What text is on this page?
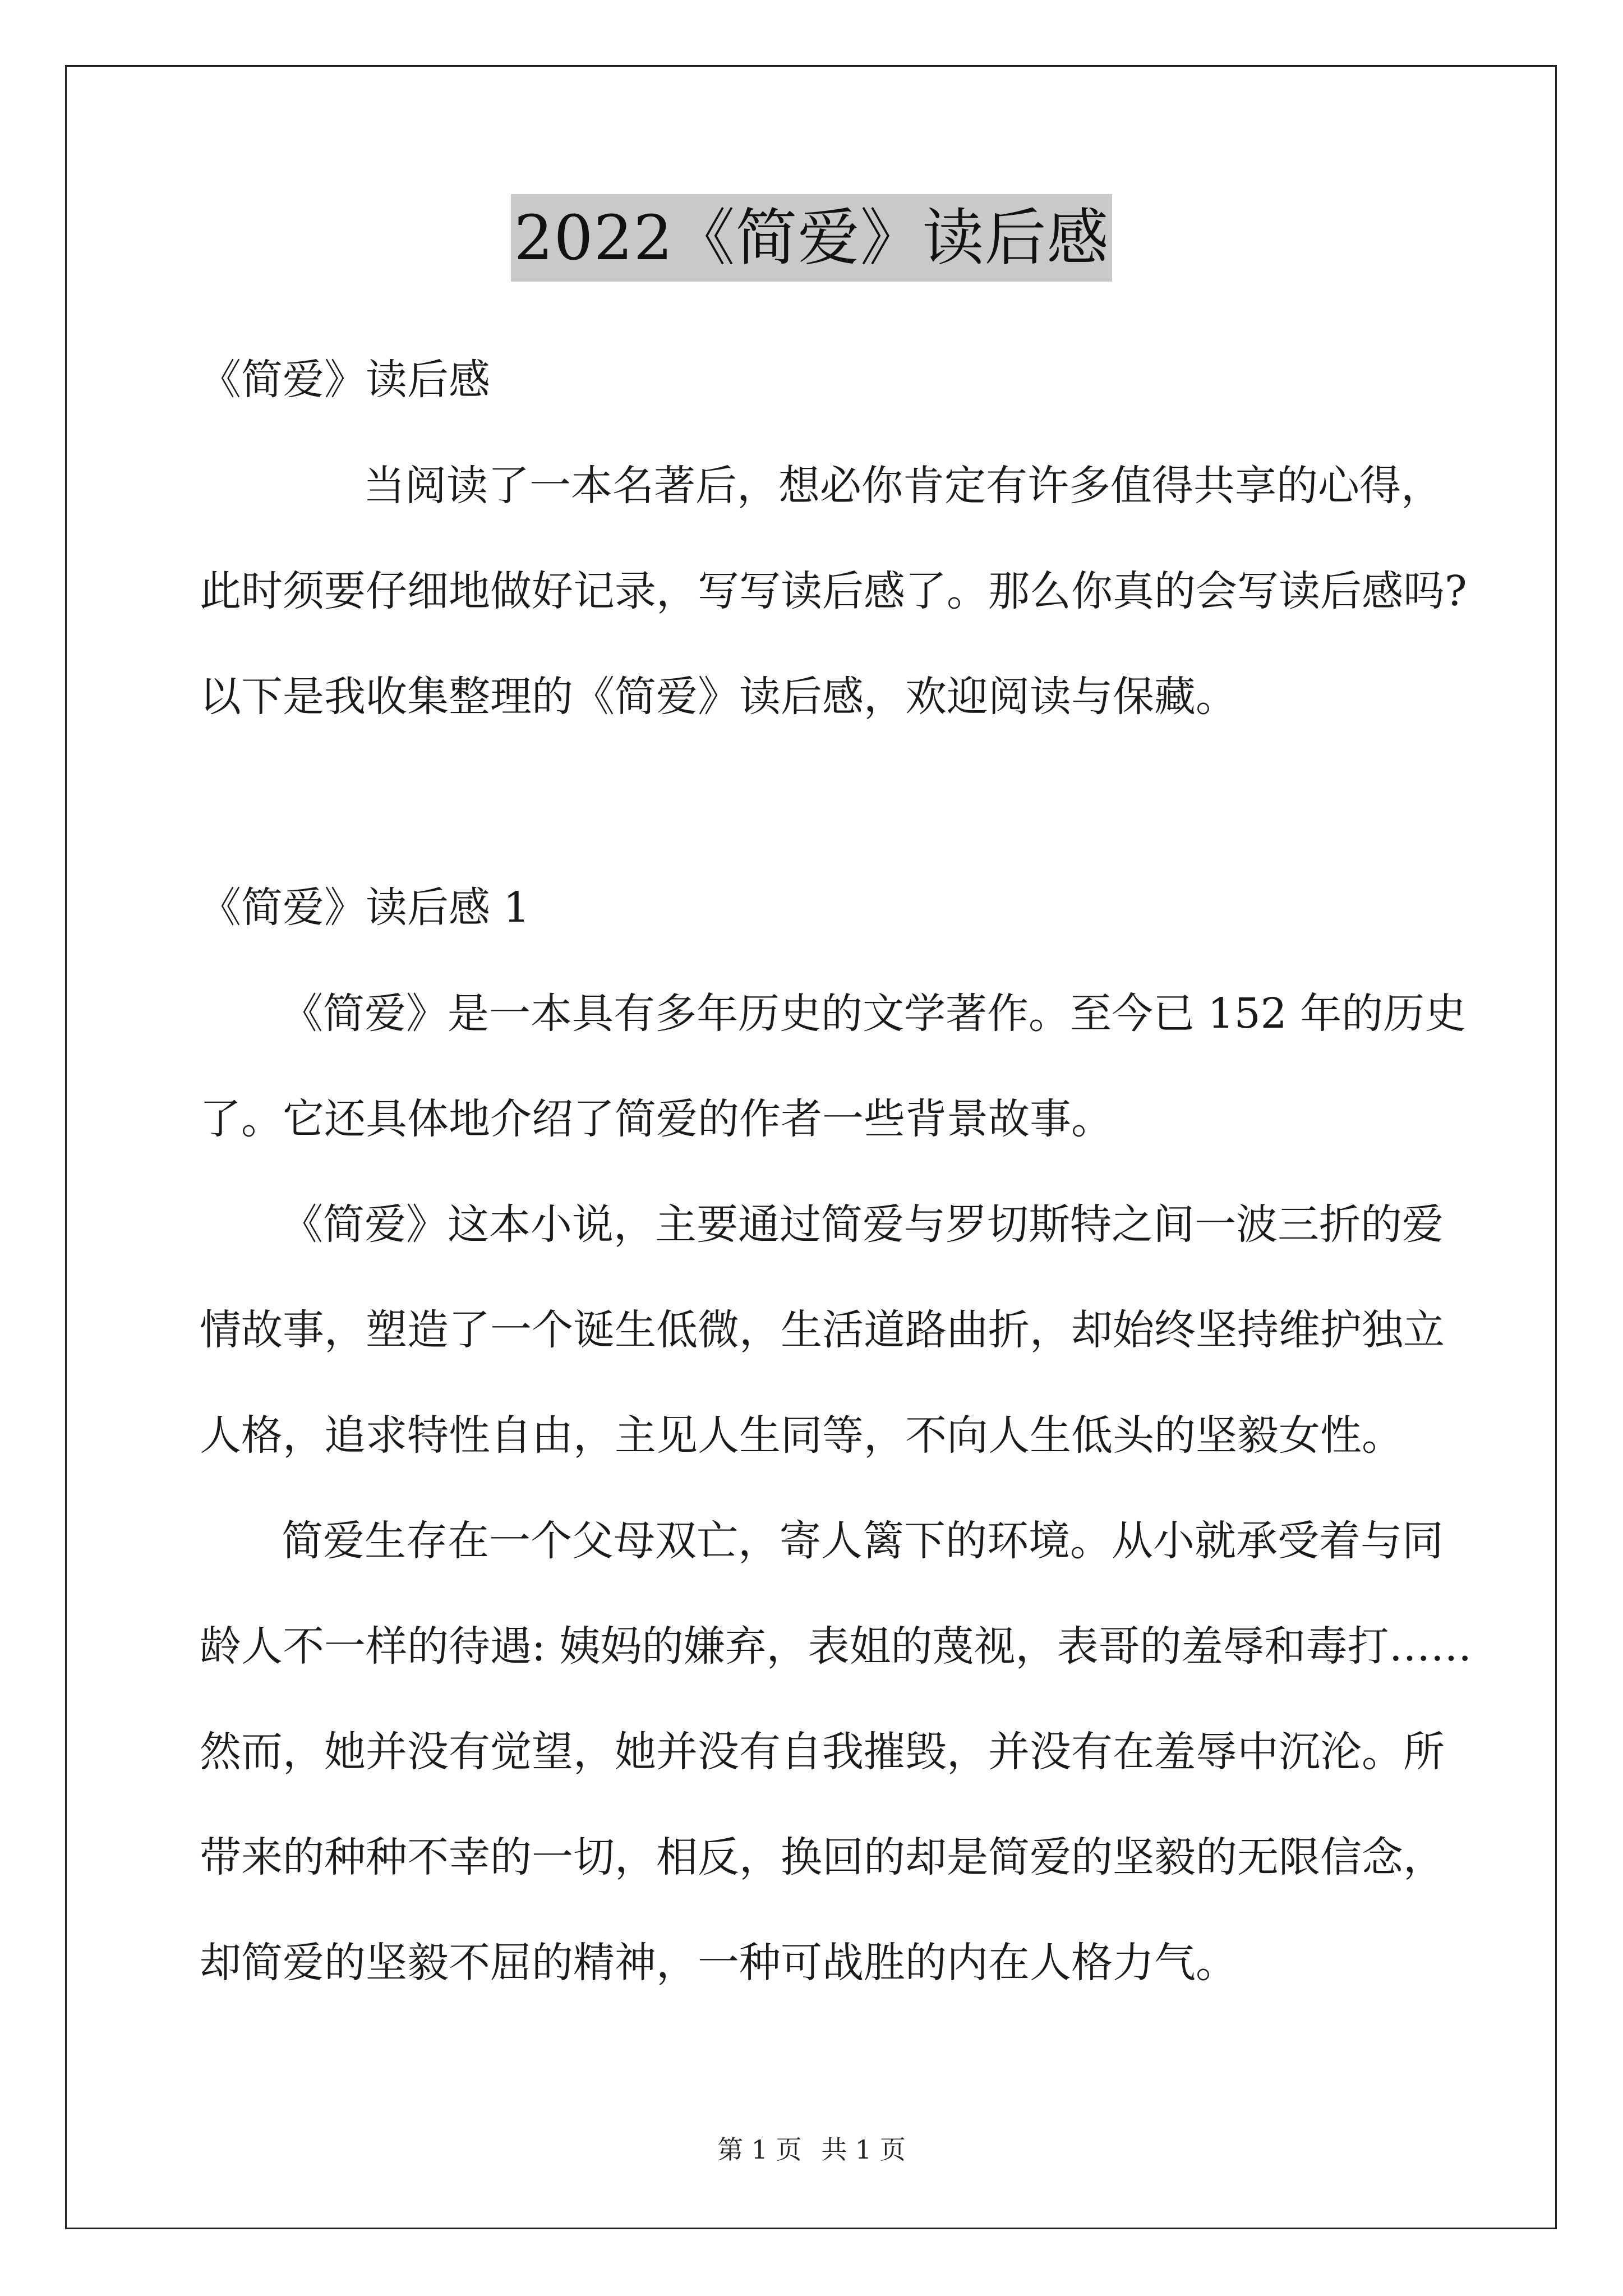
2022《简爱》读后感
《简爱》读后感
当阅读了一本名著后，想必你肯定有许多值得共享的心得，
此时须要仔细地做好记录，写写读后感了。那么你真的会写读后感吗?
以下是我收集整理的《简爱》读后感，欢迎阅读与保藏。
《简爱》读后感 1
《简爱》是一本具有多年历史的文学著作。至今已 152 年的历史
了。它还具体地介绍了简爱的作者一些背景故事。
《简爱》这本小说，主要通过简爱与罗切斯特之间一波三折的爱
情故事，塑造了一个诞生低微，生活道路曲折，却始终坚持维护独立
人格，追求特性自由，主见人生同等，不向人生低头的坚毅女性。
简爱生存在一个父母双亡，寄人篱下的环境。从小就承受着与同
龄人不一样的待遇: 姨妈的嫌弃，表姐的蔑视，表哥的羞辱和毒打……
然而，她并没有觉望，她并没有自我摧毁，并没有在羞辱中沉沦。所
带来的种种不幸的一切，相反，换回的却是简爱的坚毅的无限信念，
却简爱的坚毅不屈的精神，一种可战胜的内在人格力气。
第 1 页 共 1 页
